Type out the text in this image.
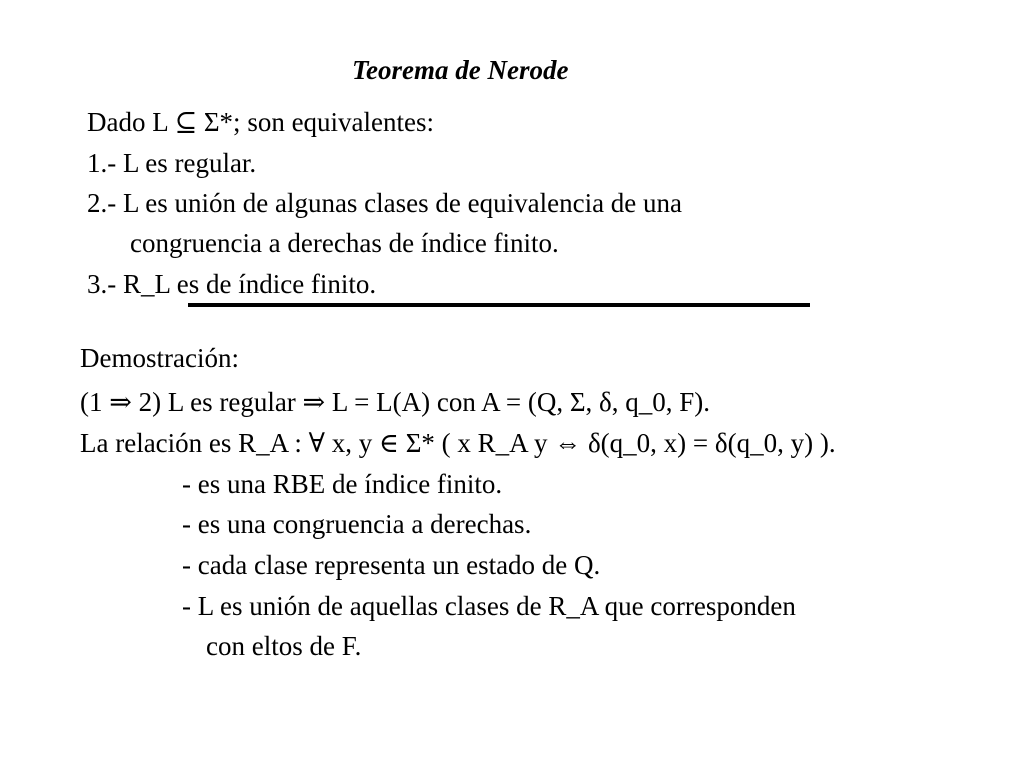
Teorema de Nerode
Dado L ⊆ Σ*; son equivalentes:
1.- L es regular.
2.- L es unión de algunas clases de equivalencia de una
congruencia a derechas de índice finito.
3.- R_L es de índice finito.
Demostración:
(1 ⇒ 2) L es regular ⇒ L = L(A) con A = (Q, Σ, δ, q_0, F).
La relación es R_A : ∀ x, y ∈ Σ* ( x R_A y ⇔ δ(q_0, x) = δ(q_0, y) ).
- es una RBE de índice finito.
- es una congruencia a derechas.
- cada clase representa un estado de Q.
- L es unión de aquellas clases de R_A que corresponden
con eltos de F.
